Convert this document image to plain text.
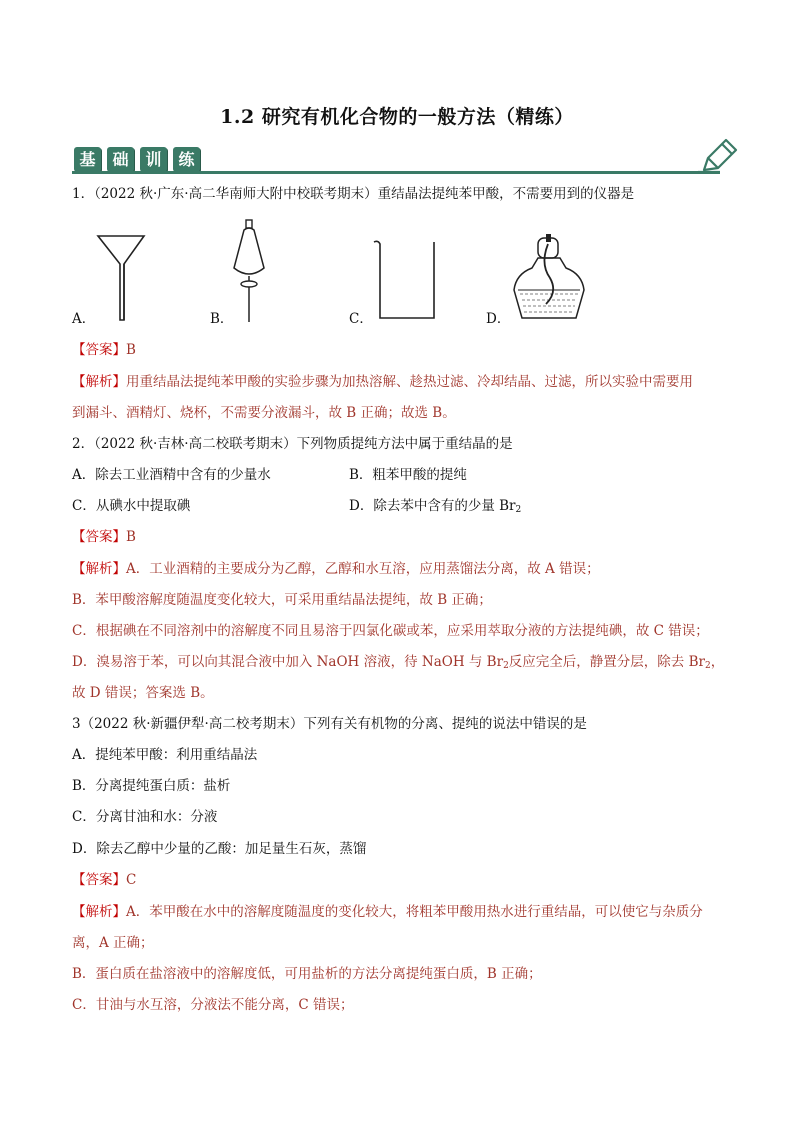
1.2 研究有机化合物的一般方法（精练）
基	础	训	练
1．（2022 秋·广东·高二华南师大附中校联考期末）重结晶法提纯苯甲酸，不需要用到的仪器是
A．	B．	C．	D．
【答案】B
【解析】用重结晶法提纯苯甲酸的实验步骤为加热溶解、趁热过滤、冷却结晶、过滤，所以实验中需要用
到漏斗、酒精灯、烧杯，不需要分液漏斗，故 B 正确；故选 B。
2．（2022 秋·吉林·高二校联考期末）下列物质提纯方法中属于重结晶的是
A．除去工业酒精中含有的少量水	B．粗苯甲酸的提纯
C．从碘水中提取碘	D．除去苯中含有的少量 $Br_2$
【答案】B
【解析】A．工业酒精的主要成分为乙醇，乙醇和水互溶，应用蒸馏法分离，故 A 错误；
B．苯甲酸溶解度随温度变化较大，可采用重结晶法提纯，故 B 正确；
C．根据碘在不同溶剂中的溶解度不同且易溶于四氯化碳或苯，应采用萃取分液的方法提纯碘，故 C 错误；
D．溴易溶于苯，可以向其混合液中加入 NaOH 溶液，待 NaOH 与 $Br_2$反应完全后，静置分层，除去 $Br_2$，
故 D 错误；答案选 B。
3（2022 秋·新疆伊犁·高二校考期末）下列有关有机物的分离、提纯的说法中错误的是
A．提纯苯甲酸：利用重结晶法
B．分离提纯蛋白质：盐析
C．分离甘油和水：分液
D．除去乙醇中少量的乙酸：加足量生石灰，蒸馏
【答案】C
【解析】A．苯甲酸在水中的溶解度随温度的变化较大，将粗苯甲酸用热水进行重结晶，可以使它与杂质分
离，A 正确；
B．蛋白质在盐溶液中的溶解度低，可用盐析的方法分离提纯蛋白质，B 正确；
C．甘油与水互溶，分液法不能分离，C 错误；
